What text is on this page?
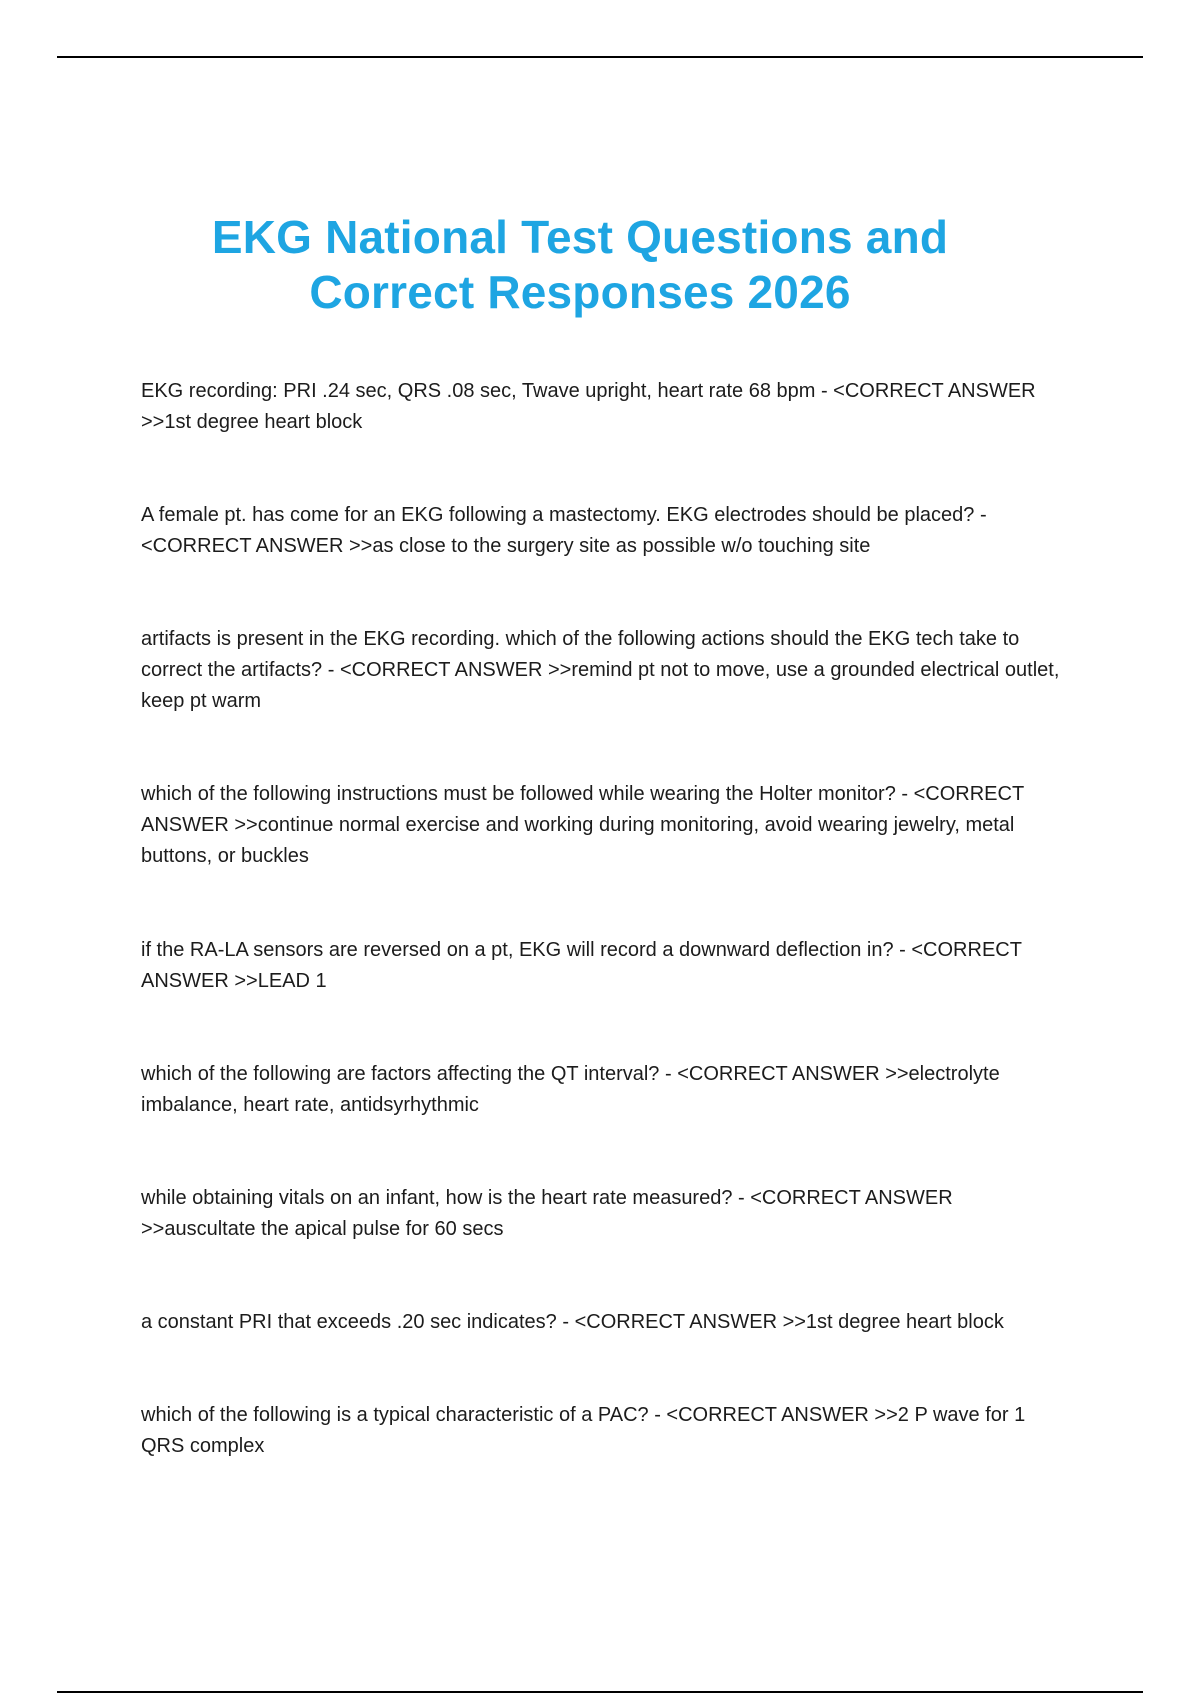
EKG National Test Questions and
Correct Responses 2026
EKG recording: PRI .24 sec, QRS .08 sec, Twave upright, heart rate 68 bpm - <CORRECT ANSWER >>1st degree heart block
A female pt. has come for an EKG following a mastectomy. EKG electrodes should be placed? - <CORRECT ANSWER >>as close to the surgery site as possible w/o touching site
artifacts is present in the EKG recording. which of the following actions should the EKG tech take to correct the artifacts? - <CORRECT ANSWER >>remind pt not to move, use a grounded electrical outlet, keep pt warm
which of the following instructions must be followed while wearing the Holter monitor? - <CORRECT ANSWER >>continue normal exercise and working during monitoring, avoid wearing jewelry, metal buttons, or buckles
if the RA-LA sensors are reversed on a pt, EKG will record a downward deflection in? - <CORRECT ANSWER >>LEAD 1
which of the following are factors affecting the QT interval? - <CORRECT ANSWER >>electrolyte imbalance, heart rate, antidsyrhythmic
while obtaining vitals on an infant, how is the heart rate measured? - <CORRECT ANSWER >>auscultate the apical pulse for 60 secs
a constant PRI that exceeds .20 sec indicates? - <CORRECT ANSWER >>1st degree heart block
which of the following is a typical characteristic of a PAC? - <CORRECT ANSWER >>2 P wave for 1 QRS complex
